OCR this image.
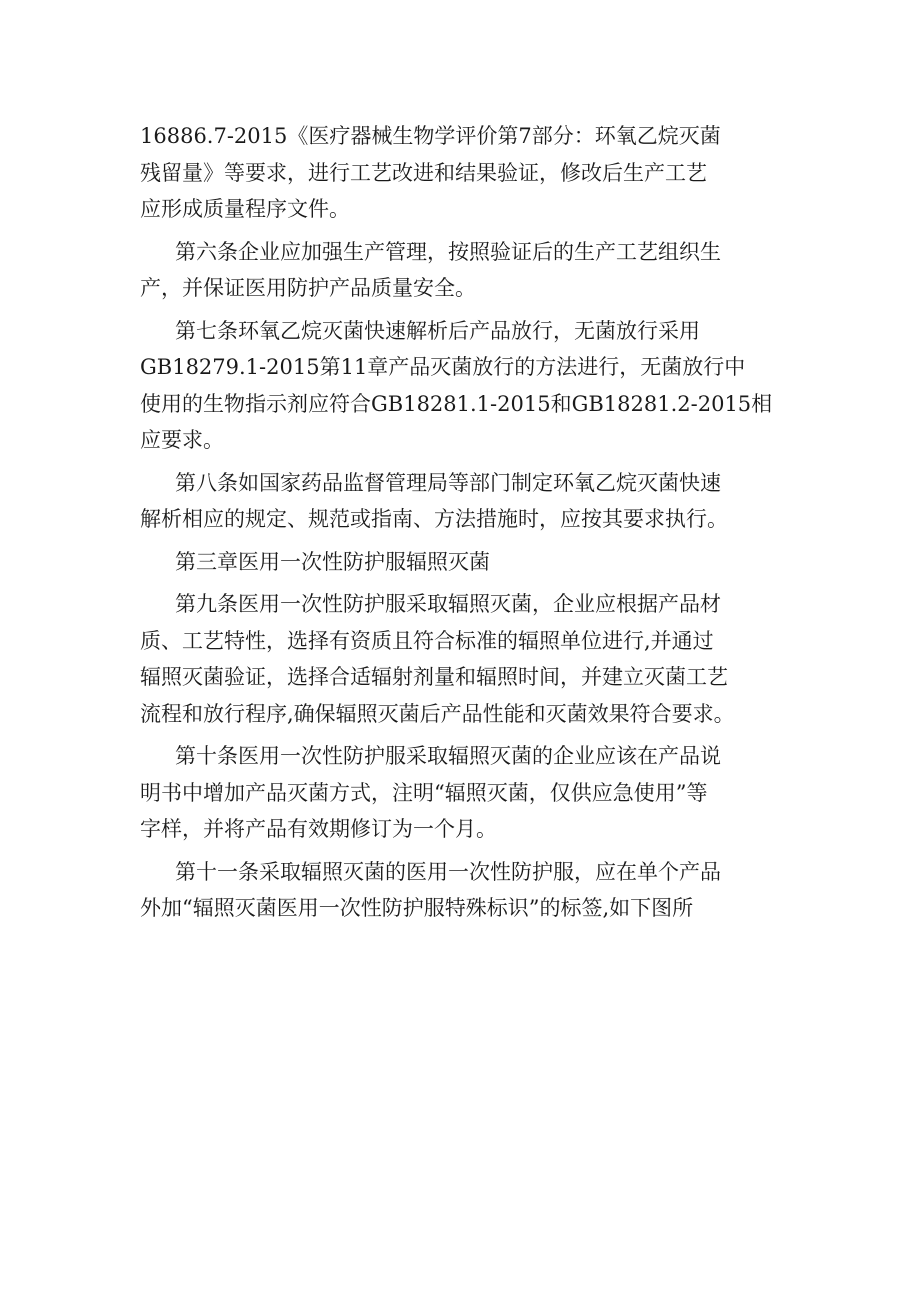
16886.7-2015《医疗器械生物学评价第7部分：环氧乙烷灭菌
残留量》等要求，进行工艺改进和结果验证，修改后生产工艺
应形成质量程序文件。

第六条企业应加强生产管理，按照验证后的生产工艺组织生
产，并保证医用防护产品质量安全。

第七条环氧乙烷灭菌快速解析后产品放行，无菌放行采用
GB18279.1-2015第11章产品灭菌放行的方法进行，无菌放行中
使用的生物指示剂应符合GB18281.1-2015和GB18281.2-2015相
应要求。

第八条如国家药品监督管理局等部门制定环氧乙烷灭菌快速
解析相应的规定、规范或指南、方法措施时，应按其要求执行。

第三章医用一次性防护服辐照灭菌

第九条医用一次性防护服采取辐照灭菌，企业应根据产品材
质、工艺特性，选择有资质且符合标准的辐照单位进行,并通过
辐照灭菌验证，选择合适辐射剂量和辐照时间，并建立灭菌工艺
流程和放行程序,确保辐照灭菌后产品性能和灭菌效果符合要求。

第十条医用一次性防护服采取辐照灭菌的企业应该在产品说
明书中增加产品灭菌方式，注明“辐照灭菌，仅供应急使用”等
字样，并将产品有效期修订为一个月。

第十一条采取辐照灭菌的医用一次性防护服，应在单个产品
外加“辐照灭菌医用一次性防护服特殊标识”的标签,如下图所
